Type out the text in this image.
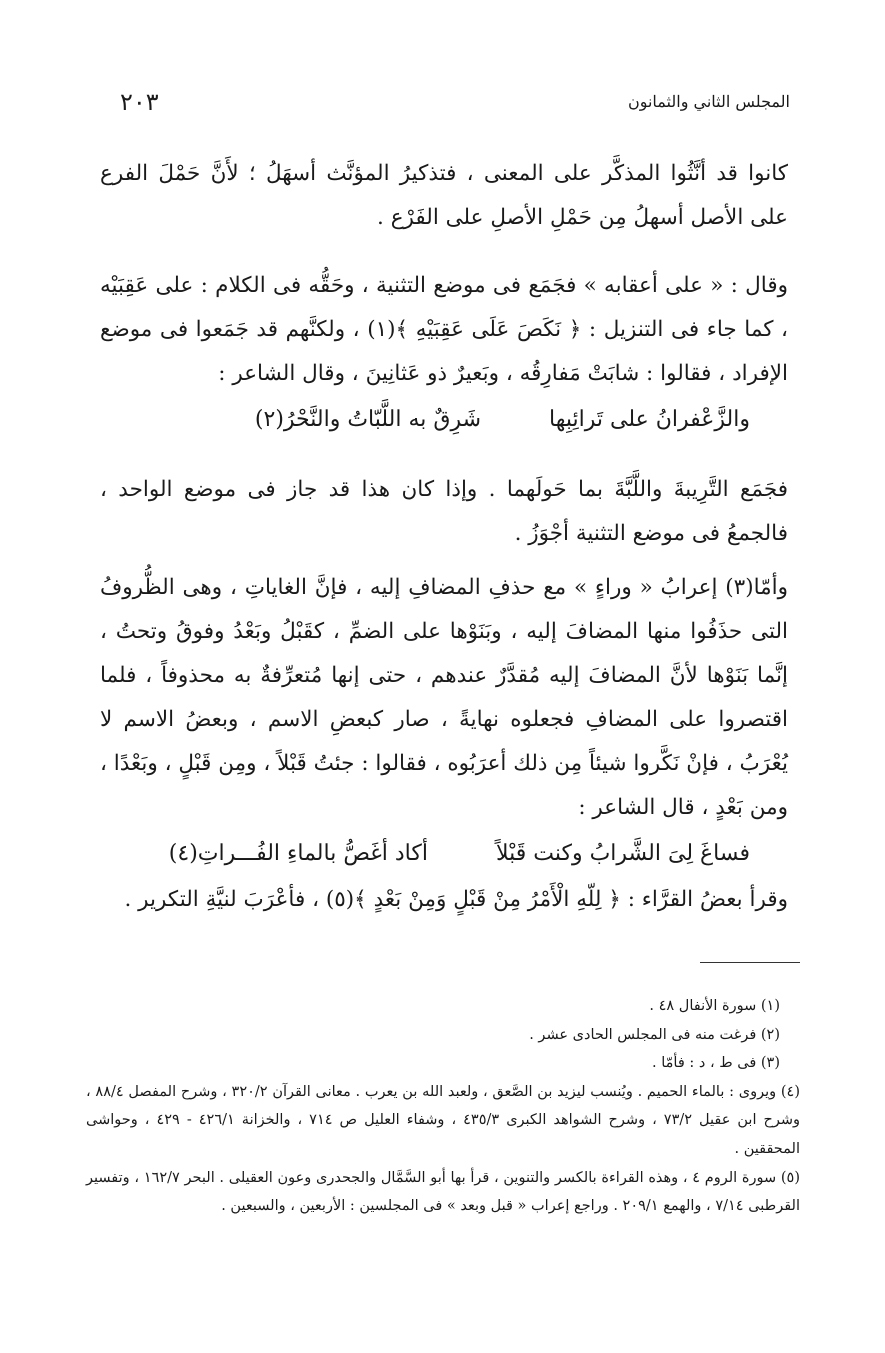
المجلس الثاني والثمانون
٢٠٣

كانوا قد أنَّثُوا المذكَّر على المعنى ، فتذكيرُ المؤنَّث أسهَلُ ؛ لأَنَّ حَمْلَ الفرع على الأصل أسهلُ مِن حَمْلِ الأصلِ على الفَرْع .

وقال : « على أعقابه » فجَمَع فى موضع التثنية ، وحَقُّه فى الكلام : على عَقِبَيْه ، كما جاء فى التنزيل : ﴿ نَكَصَ عَلَى عَقِبَيْهِ ﴾(١) ، ولكنَّهم قد جَمَعوا فى موضع الإفراد ، فقالوا : شابَتْ مَفارِقُه ، وبَعيرٌ ذو عَثانِينَ ، وقال الشاعر :

والزَّعْفرانُ على تَرائِبِها
شَرِقٌ به اللَّبّاتُ والنَّحْرُ(٢)

فجَمَع التَّرِيبةَ واللَّبَّةَ بما حَولَهما . وإذا كان هذا قد جاز فى موضع الواحد ، فالجمعُ فى موضع التثنية أجْوَزُ .

وأمّا(٣) إعرابُ « وراءٍ » مع حذفِ المضافِ إليه ، فإنَّ الغاياتِ ، وهى الظُّروفُ التى حذَفُوا منها المضافَ إليه ، وبَنَوْها على الضمِّ ، كقَبْلُ وبَعْدُ وفوقُ وتحتُ ، إنَّما بَنَوْها لأنَّ المضافَ إليه مُقدَّرٌ عندهم ، حتى إنها مُتعرِّفةٌ به محذوفاً ، فلما اقتصروا على المضافِ فجعلوه نهايةً ، صار كبعضِ الاسم ، وبعضُ الاسم لا يُعْرَبُ ، فإنْ نَكَّروا شيئاً مِن ذلك أعرَبُوه ، فقالوا : جئتُ قَبْلاً ، ومِن قَبْلٍ ، وبَعْدًا ، ومن بَعْدٍ ، قال الشاعر :

فساغَ لِىَ الشَّرابُ وكنت قَبْلاً
أكاد أغَصُّ بالماءِ الفُـــراتِ(٤)

وقرأ بعضُ القرَّاء : ﴿ لِلّهِ الْأَمْرُ مِنْ قَبْلٍ وَمِنْ بَعْدٍ ﴾(٥) ، فأعْرَبَ لنيَّةِ التكرير .

(١) سورة الأنفال ٤٨ .

(٢) فرغت منه فى المجلس الحادى عشر .

(٣) فى ط ، د : فأمّا .

(٤) ويروى : بالماء الحميم . ويُنسب ليزيد بن الصَّعق ، ولعبد الله بن يعرب . معانى القرآن ٣٢٠/٢ ، وشرح المفصل ٨٨/٤ ، وشرح ابن عقيل ٧٣/٢ ، وشرح الشواهد الكبرى ٤٣٥/٣ ، وشفاء العليل ص ٧١٤ ، والخزانة ٤٢٦/١ - ٤٢٩ ، وحواشى المحققين .

(٥) سورة الروم ٤ ، وهذه القراءة بالكسر والتنوين ، قرأ بها أبو السَّمَّال والجحدرى وعون العقيلى . البحر ١٦٢/٧ ، وتفسير القرطبى ٧/١٤ ، والهمع ٢٠٩/١ . وراجع إعراب « قبل وبعد » فى المجلسين : الأربعين ، والسبعين .
